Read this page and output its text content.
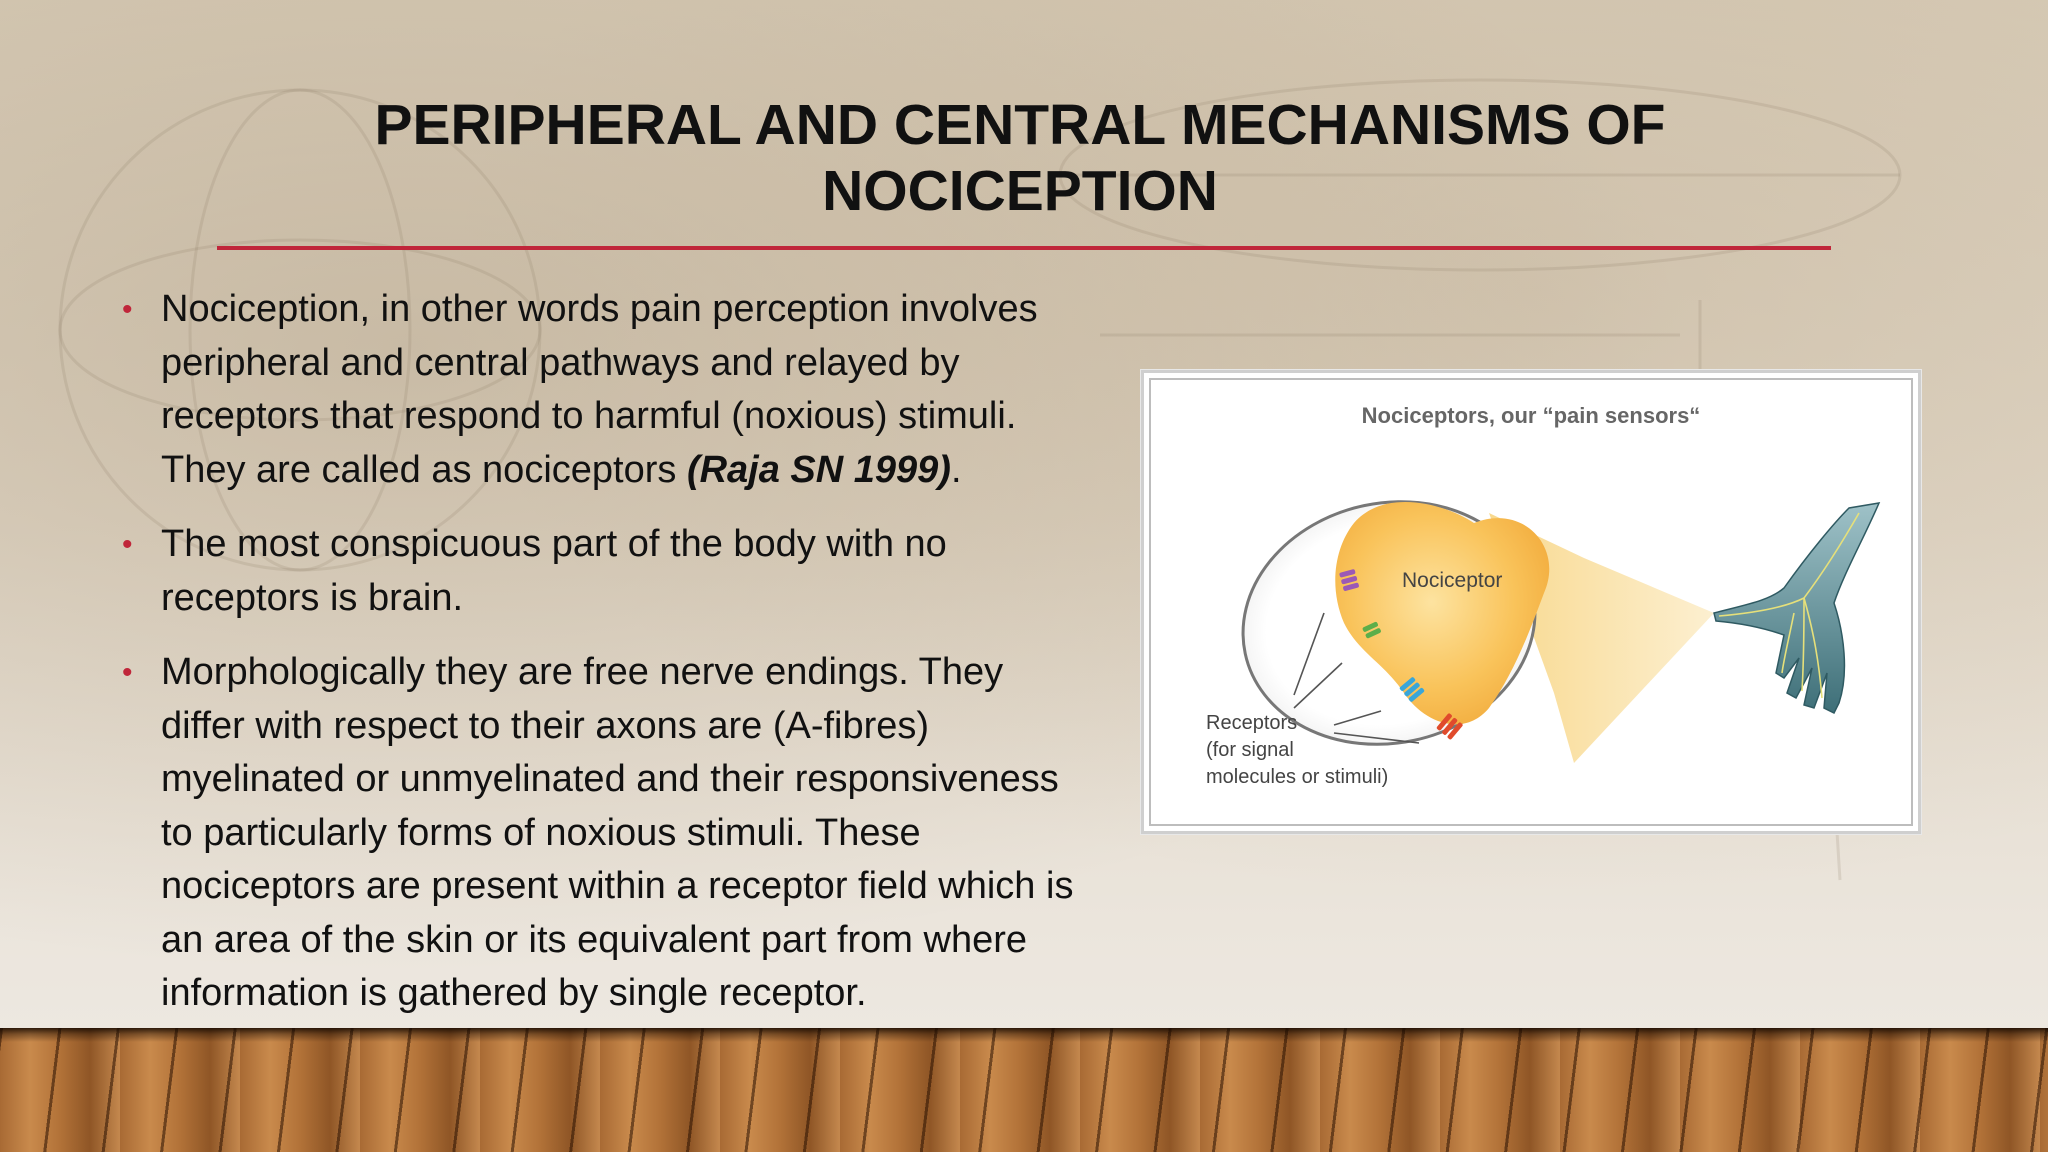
PERIPHERAL AND CENTRAL MECHANISMS OF NOCICEPTION
• Nociception, in other words pain perception involves peripheral and central pathways and relayed by receptors that respond to harmful (noxious) stimuli. They are called as nociceptors (Raja SN 1999).
• The most conspicuous part of the body with no receptors is brain.
• Morphologically they are free nerve endings. They differ with respect to their axons are (A-fibres) myelinated or unmyelinated and their responsiveness to particularly forms of noxious stimuli. These nociceptors are present within a receptor field which is an area of the skin or its equivalent part from where information is gathered by single receptor.
Nociceptors, our “pain sensors“
Nociceptor
Receptors
(for signal
molecules or stimuli)
